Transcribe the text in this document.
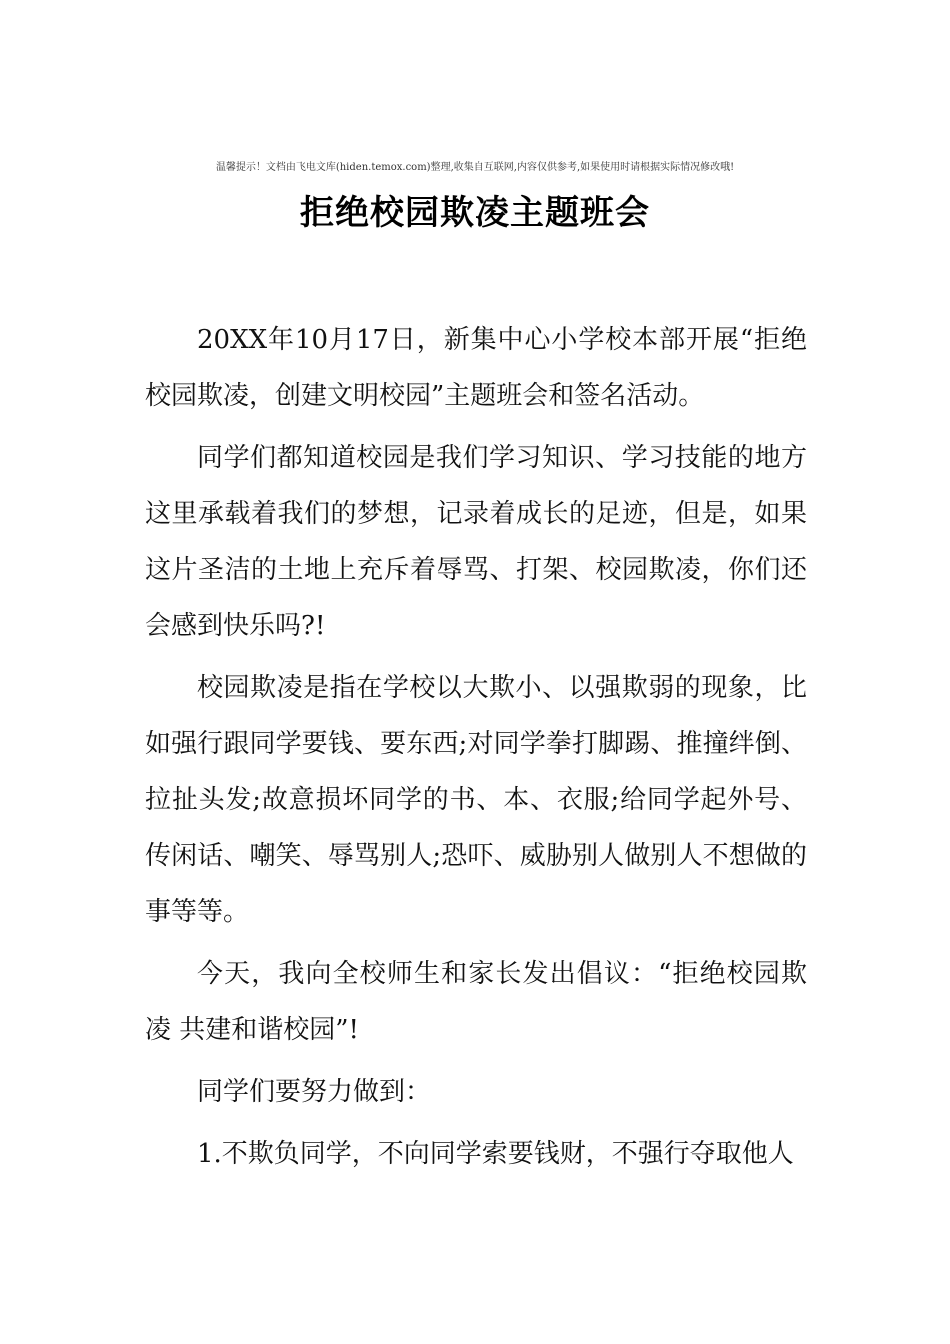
温馨提示！文档由飞电文库(hiden.temox.com)整理,收集自互联网,内容仅供参考,如果使用时请根据实际情况修改哦!
拒绝校园欺凌主题班会

20XX年10月17日，新集中心小学校本部开展“拒绝校园欺凌，创建文明校园”主题班会和签名活动。

同学们都知道校园是我们学习知识、学习技能的地方这里承载着我们的梦想，记录着成长的足迹，但是，如果这片圣洁的土地上充斥着辱骂、打架、校园欺凌，你们还会感到快乐吗?!

校园欺凌是指在学校以大欺小、以强欺弱的现象，比如强行跟同学要钱、要东西;对同学拳打脚踢、推撞绊倒、拉扯头发;故意损坏同学的书、本、衣服;给同学起外号、传闲话、嘲笑、辱骂别人;恐吓、威胁别人做别人不想做的事等等。

今天，我向全校师生和家长发出倡议：“拒绝校园欺凌 共建和谐校园”!

同学们要努力做到：

1.不欺负同学，不向同学索要钱财，不强行夺取他人
